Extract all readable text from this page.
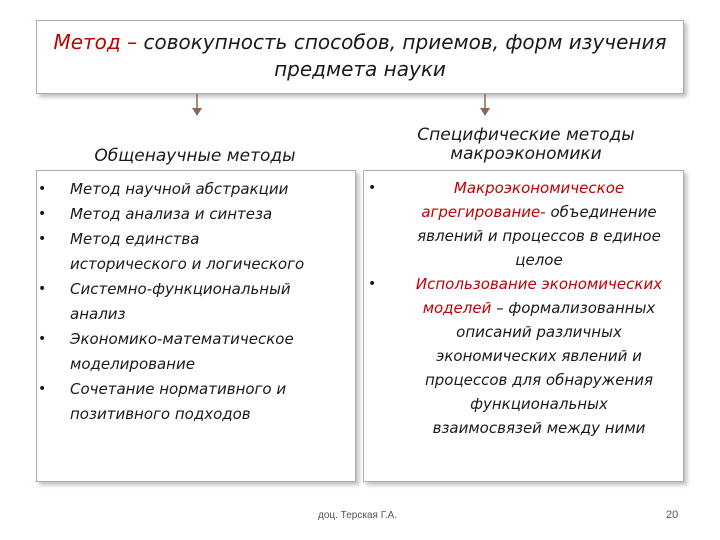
Метод – совокупность способов, приемов, форм изучения
предмета науки
Общенаучные методы
Специфические методы
макроэкономики
• Метод научной абстракции
• Метод анализа и синтеза
• Метод единства
исторического и логического
• Системно-функциональный
анализ
• Экономико-математическое
моделирование
• Сочетание нормативного и
позитивного подходов
• Макроэкономическое
агрегирование- объединение
явлений и процессов в единое
целое
• Использование экономических
моделей – формализованных
описаний различных
экономических явлений и
процессов для обнаружения
функциональных
взаимосвязей между ними
доц. Терская Г.А.	20
